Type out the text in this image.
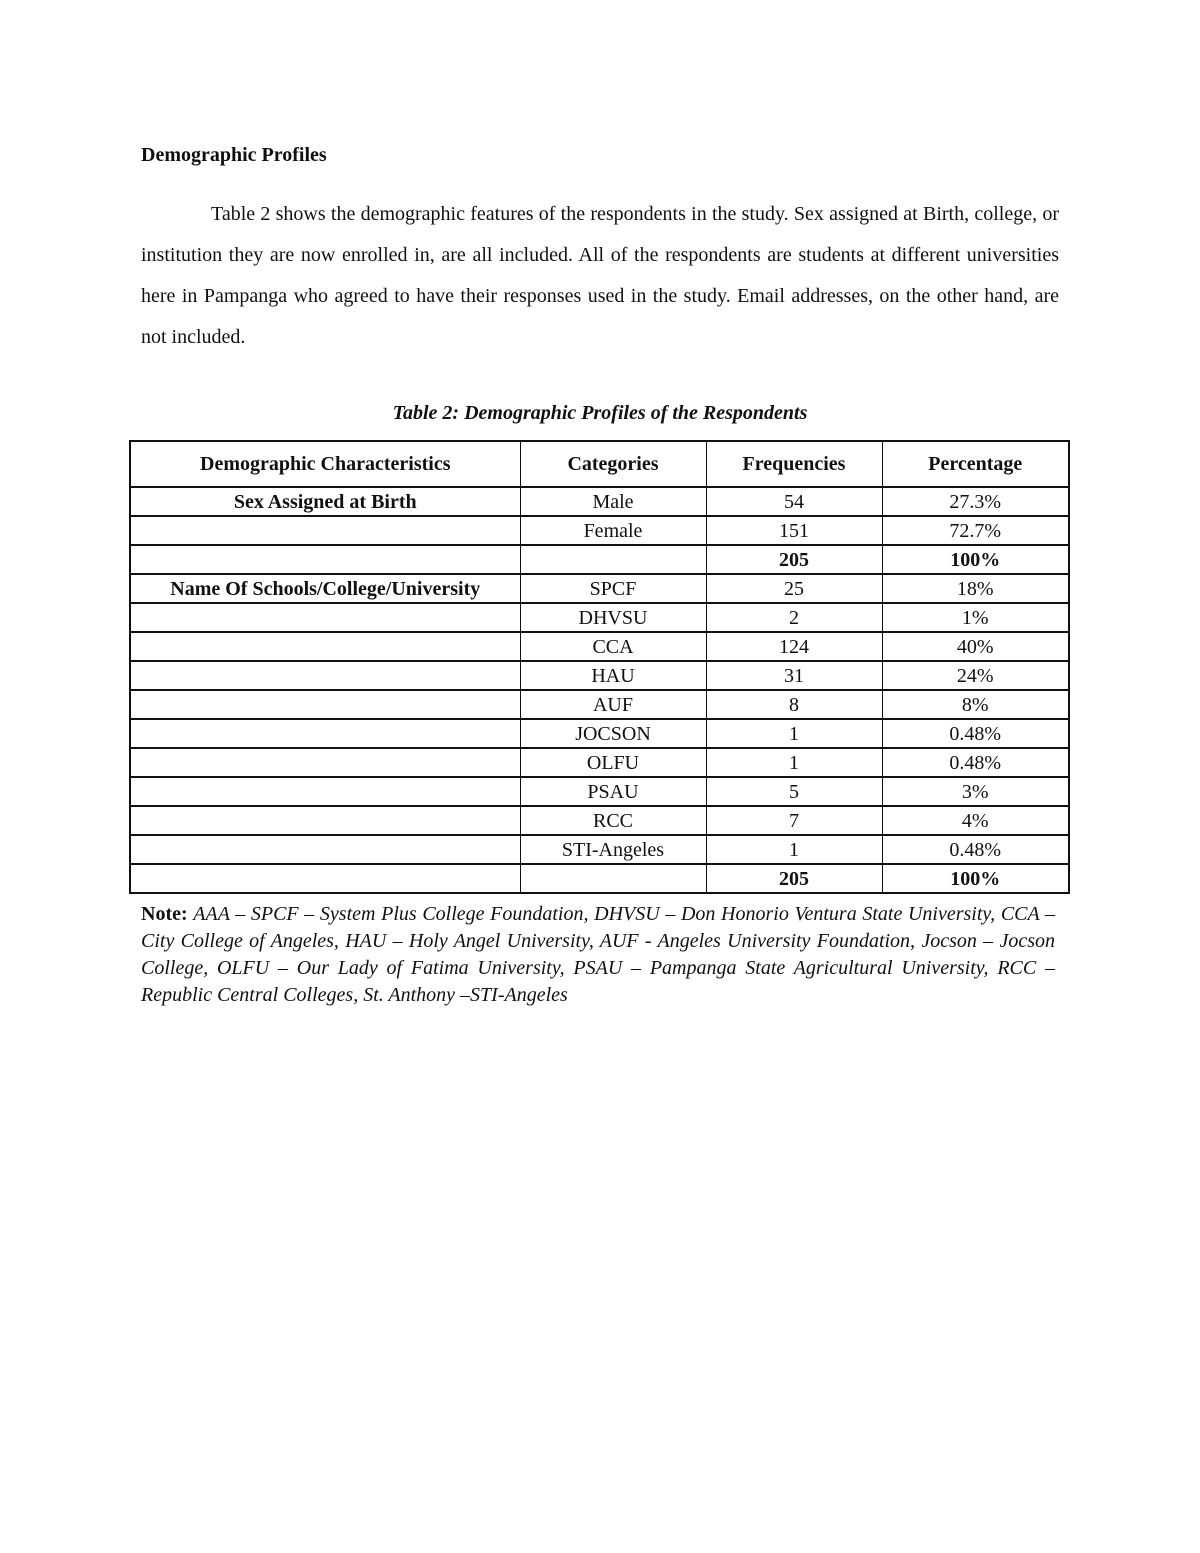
Demographic Profiles

Table 2 shows the demographic features of the respondents in the study. Sex assigned at Birth, college, or institution they are now enrolled in, are all included. All of the respondents are students at different universities here in Pampanga who agreed to have their responses used in the study. Email addresses, on the other hand, are not included.

Table 2: Demographic Profiles of the Respondents

Demographic Characteristics	Categories	Frequencies	Percentage
Sex Assigned at Birth	Male	54	27.3%
	Female	151	72.7%
		205	100%
Name Of Schools/College/University	SPCF	25	18%
	DHVSU	2	1%
	CCA	124	40%
	HAU	31	24%
	AUF	8	8%
	JOCSON	1	0.48%
	OLFU	1	0.48%
	PSAU	5	3%
	RCC	7	4%
	STI-Angeles	1	0.48%
		205	100%

Note: AAA – SPCF – System Plus College Foundation, DHVSU – Don Honorio Ventura State University, CCA – City College of Angeles, HAU – Holy Angel University, AUF - Angeles University Foundation, Jocson – Jocson College, OLFU – Our Lady of Fatima University, PSAU – Pampanga State Agricultural University, RCC – Republic Central Colleges, St. Anthony –STI-Angeles
